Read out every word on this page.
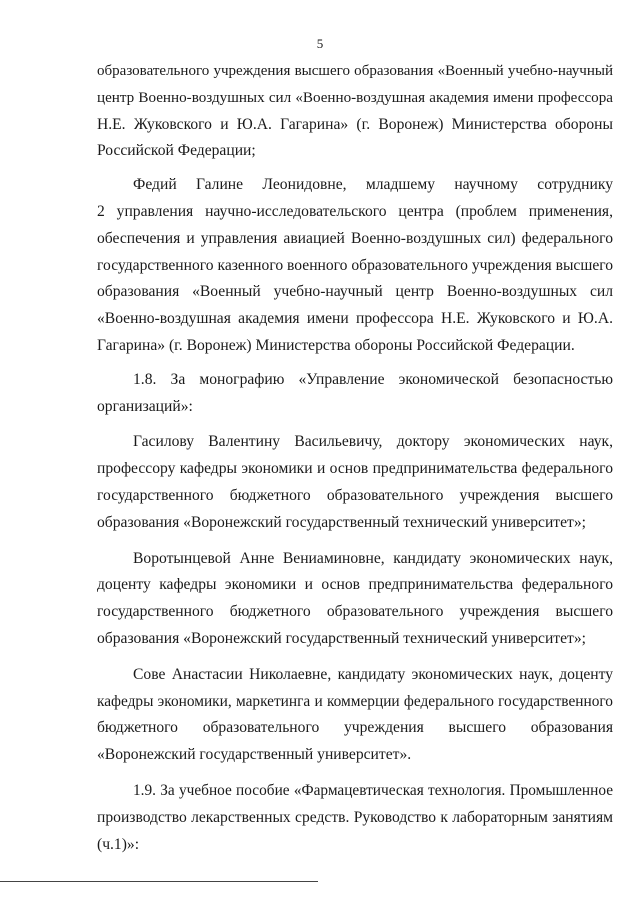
5
образовательного учреждения высшего образования «Военный учебно-научный
центр Военно-воздушных сил «Военно-воздушная академия имени профессора
Н.Е. Жуковского и Ю.А. Гагарина» (г. Воронеж) Министерства обороны
Российской Федерации;
Федий Галине Леонидовне, младшему научному сотруднику
2 управления научно-исследовательского центра (проблем применения,
обеспечения и управления авиацией Военно-воздушных сил) федерального
государственного казенного военного образовательного учреждения высшего
образования «Военный учебно-научный центр Военно-воздушных сил
«Военно-воздушная академия имени профессора Н.Е. Жуковского и Ю.А.
Гагарина» (г. Воронеж) Министерства обороны Российской Федерации.
1.8. За монографию «Управление экономической безопасностью
организаций»:
Гасилову Валентину Васильевичу, доктору экономических наук,
профессору кафедры экономики и основ предпринимательства федерального
государственного бюджетного образовательного учреждения высшего
образования «Воронежский государственный технический университет»;
Воротынцевой Анне Вениаминовне, кандидату экономических наук,
доценту кафедры экономики и основ предпринимательства федерального
государственного бюджетного образовательного учреждения высшего
образования «Воронежский государственный технический университет»;
Сове Анастасии Николаевне, кандидату экономических наук, доценту
кафедры экономики, маркетинга и коммерции федерального государственного
бюджетного образовательного учреждения высшего образования
«Воронежский государственный университет».
1.9. За учебное пособие «Фармацевтическая технология. Промышленное
производство лекарственных средств. Руководство к лабораторным занятиям
(ч.1)»:
